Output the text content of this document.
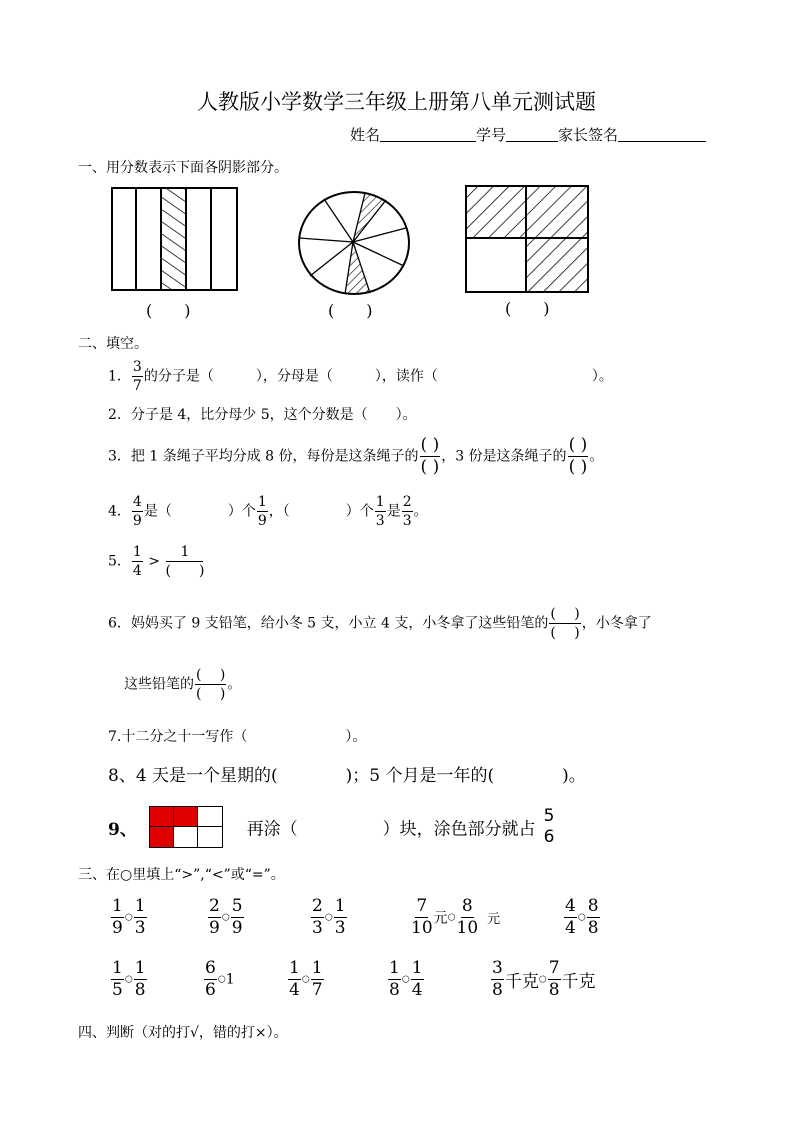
人教版小学数学三年级上册第八单元测试题
姓名	学号	家长签名
一、用分数表示下面各阴影部分。
(　　)	(　　)	(　　)
二、填空。
1． $\frac{3}{7}$ 的分子是（　　　），分母是（　　　），读作（　　　　　　　　　　　）。
2．分子是 4，比分母少 5，这个分数是（　　）。
3．把 1 条绳子平均分成 8 份，每份是这条绳子的 $\frac{( )}{( )}$ ，3 份是这条绳子的 $\frac{( )}{( )}$ 。
4． $\frac{4}{9}$ 是（　　　　）个 $\frac{1}{9}$ ，（　　　　）个 $\frac{1}{3}$ 是 $\frac{2}{3}$ 。
5． $\frac{1}{4} > \frac{1}{( )}$
6．妈妈买了 9 支铅笔，给小冬 5 支，小立 4 支，小冬拿了这些铅笔的 $\frac{( )}{( )}$ ，小冬拿了
这些铅笔的 $\frac{( )}{( )}$ 。
7.十二分之十一写作（　　　　　　　）。
8、4 天是一个星期的(　　　　)；5 个月是一年的(　　　　)。
9、	再涂（　　　　　）块，涂色部分就占
5
6
三、在○里填上“>”,“<”或“=”。
$\frac{1}{9}$ ○ $\frac{1}{3}$	$\frac{2}{9}$ ○ $\frac{5}{9}$	$\frac{2}{3}$ ○ $\frac{1}{3}$	$\frac{7}{10}$ 元○ $\frac{8}{10}$ 元	$\frac{4}{4}$ ○ $\frac{8}{8}$
$\frac{1}{5}$ ○ $\frac{1}{8}$	$\frac{6}{6}$ ○1	$\frac{1}{4}$ ○ $\frac{1}{7}$	$\frac{1}{8}$ ○ $\frac{1}{4}$	$\frac{3}{8}$ 千克○ $\frac{7}{8}$ 千克
四、判断（对的打√，错的打×）。
